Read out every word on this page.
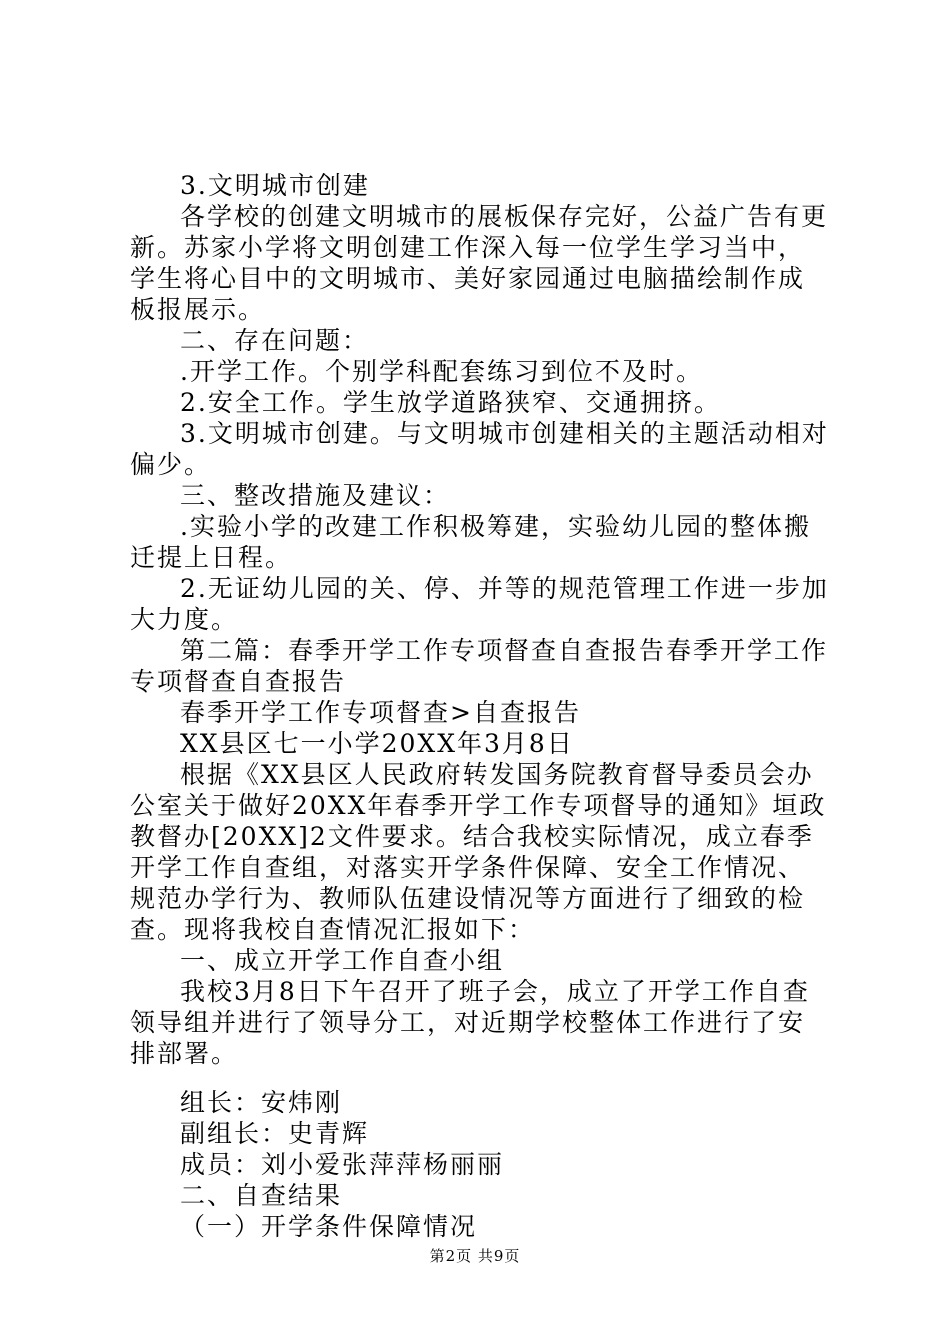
3.文明城市创建

各学校的创建文明城市的展板保存完好，公益广告有更新。苏家小学将文明创建工作深入每一位学生学习当中，学生将心目中的文明城市、美好家园通过电脑描绘制作成板报展示。

二、存在问题：

.开学工作。个别学科配套练习到位不及时。

2.安全工作。学生放学道路狭窄、交通拥挤。

3.文明城市创建。与文明城市创建相关的主题活动相对偏少。

三、整改措施及建议：

.实验小学的改建工作积极筹建，实验幼儿园的整体搬迁提上日程。

2.无证幼儿园的关、停、并等的规范管理工作进一步加大力度。

第二篇：春季开学工作专项督查自查报告春季开学工作专项督查自查报告

春季开学工作专项督查>自查报告

XX县区七一小学20XX年3月8日

根据《XX县区人民政府转发国务院教育督导委员会办公室关于做好20XX年春季开学工作专项督导的通知》垣政教督办[20XX]2文件要求。结合我校实际情况，成立春季开学工作自查组，对落实开学条件保障、安全工作情况、规范办学行为、教师队伍建设情况等方面进行了细致的检查。现将我校自查情况汇报如下：

一、成立开学工作自查小组

我校3月8日下午召开了班子会，成立了开学工作自查领导组并进行了领导分工，对近期学校整体工作进行了安排部署。

组长：安炜刚

副组长：史青辉

成员：刘小爱张萍萍杨丽丽

二、自查结果

（一）开学条件保障情况

第2页 共9页
